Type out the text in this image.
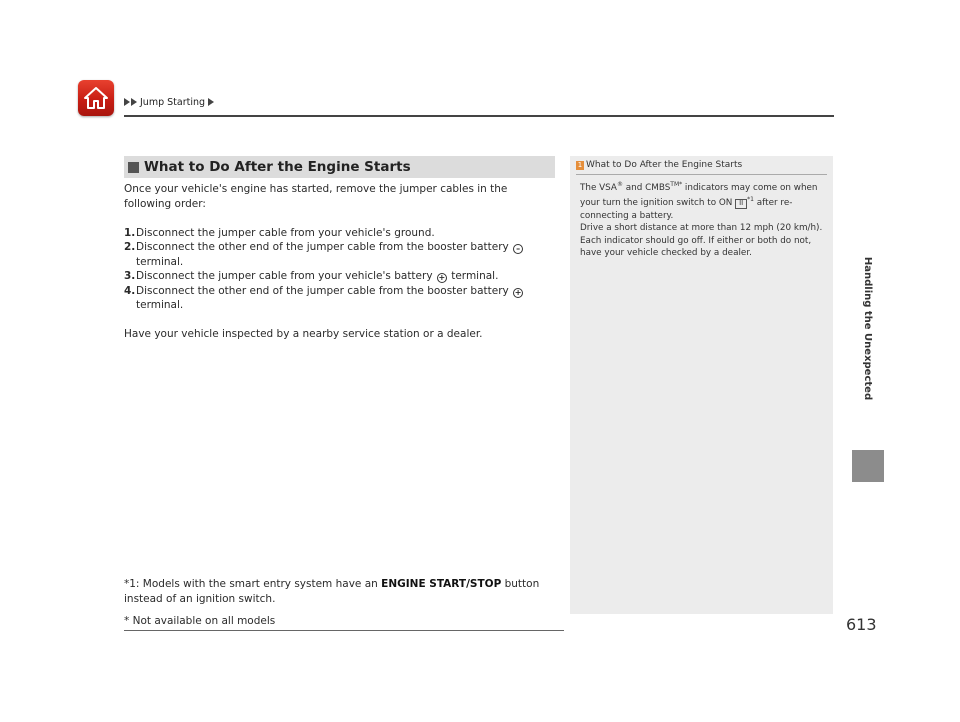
Jump Starting
Handling the Unexpected
What to Do After the Engine Starts

Once your vehicle's engine has started, remove the jumper cables in the following order:

1. Disconnect the jumper cable from your vehicle's ground.
2. Disconnect the other end of the jumper cable from the booster battery – terminal.
3. Disconnect the jumper cable from your vehicle's battery + terminal.
4. Disconnect the other end of the jumper cable from the booster battery + terminal.

Have your vehicle inspected by a nearby service station or a dealer.

*1: Models with the smart entry system have an ENGINE START/STOP button instead of an ignition switch.
* Not available on all models
1 What to Do After the Engine Starts
The VSA® and $CMBS^{TM*}$ indicators may come on when your turn the ignition switch to ON II $^{*1}$ after re-connecting a battery.
Drive a short distance at more than 12 mph (20 km/h).
Each indicator should go off. If either or both do not, have your vehicle checked by a dealer.
613
